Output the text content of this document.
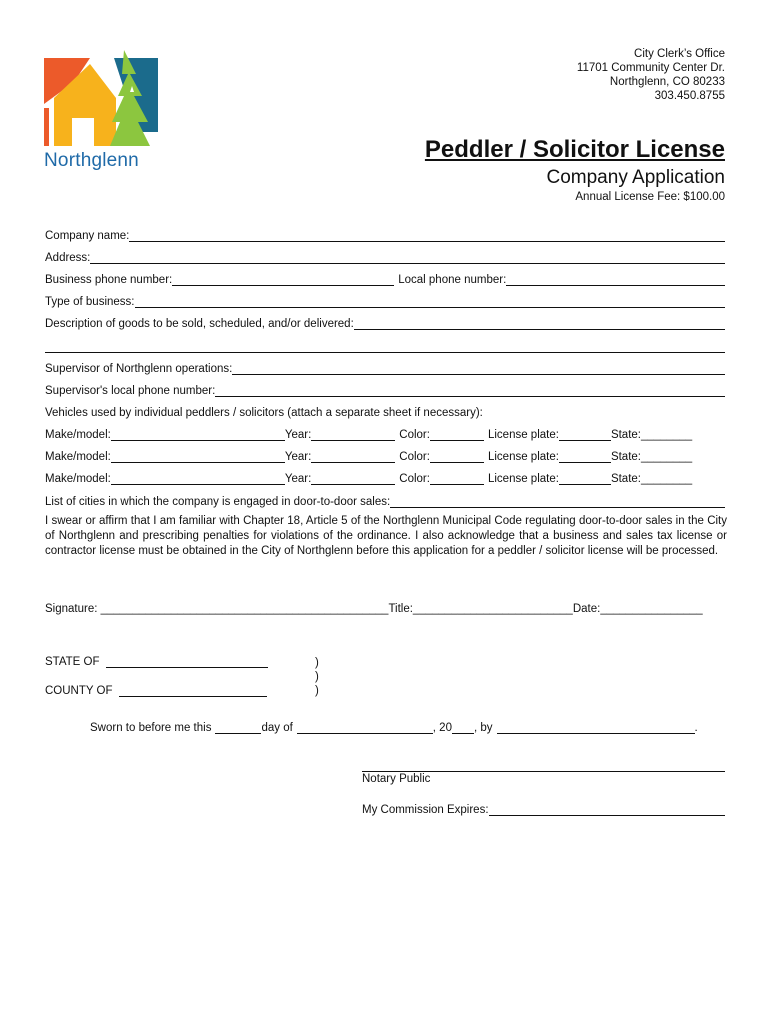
Northglenn
City Clerk’s Office
11701 Community Center Dr.
Northglenn, CO 80233
303.450.8755
Peddler / Solicitor License
Company Application
Annual License Fee: $100.00
Company name:
Address:
Business phone number:	Local phone number:
Type of business:
Description of goods to be sold, scheduled, and/or delivered:
Supervisor of Northglenn operations:
Supervisor's local phone number:
Vehicles used by individual peddlers / solicitors (attach a separate sheet if necessary):
Make/model:	Year:	Color:	License plate:	State:________
Make/model:	Year:	Color:	License plate:	State:________
Make/model:	Year:	Color:	License plate:	State:________
List of cities in which the company is engaged in door-to-door sales:
I swear or affirm that I am familiar with Chapter 18, Article 5 of the Northglenn Municipal Code regulating door-to-door sales in the City of Northglenn and prescribing penalties for violations of the ordinance. I also acknowledge that a business and sales tax license or contractor license must be obtained in the City of Northglenn before this application for a peddler / solicitor license will be processed.
Signature: _____________________________________________Title:_________________________Date:________________
STATE OF
COUNTY OF
)
)
)
Sworn to before me this	day of	, 20 , by	.
Notary Public
My Commission Expires:
